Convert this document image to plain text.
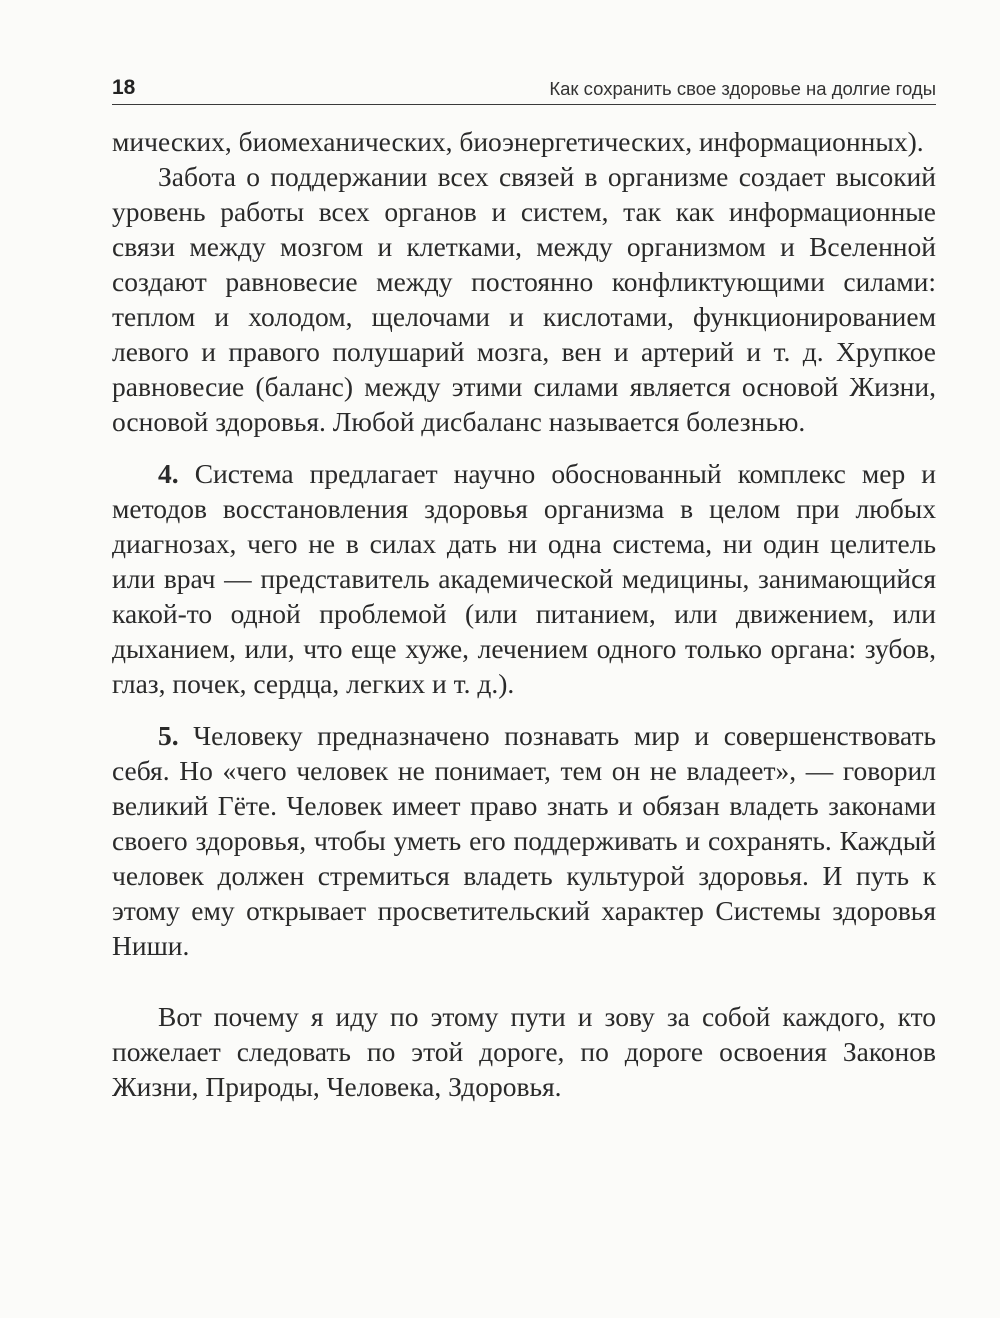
18	Как сохранить свое здоровье на долгие годы

мических, биомеханических, биоэнергетических, информационных).

Забота о поддержании всех связей в организме создает высокий уровень работы всех органов и систем, так как информационные связи между мозгом и клетками, между организмом и Вселенной создают равновесие между постоянно конфликтующими силами: теплом и холодом, щелочами и кислотами, функционированием левого и правого полушарий мозга, вен и артерий и т. д. Хрупкое равновесие (баланс) между этими силами является основой Жизни, основой здоровья. Любой дисбаланс называется болезнью.

4. Система предлагает научно обоснованный комплекс мер и методов восстановления здоровья организма в целом при любых диагнозах, чего не в силах дать ни одна система, ни один целитель или врач — представитель академической медицины, занимающийся какой-то одной проблемой (или питанием, или движением, или дыханием, или, что еще хуже, лечением одного только органа: зубов, глаз, почек, сердца, легких и т. д.).

5. Человеку предназначено познавать мир и совершенствовать себя. Но «чего человек не понимает, тем он не владеет», — говорил великий Гёте. Человек имеет право знать и обязан владеть законами своего здоровья, чтобы уметь его поддерживать и сохранять. Каждый человек должен стремиться владеть культурой здоровья. И путь к этому ему открывает просветительский характер Системы здоровья Ниши.

Вот почему я иду по этому пути и зову за собой каждого, кто пожелает следовать по этой дороге, по дороге освоения Законов Жизни, Природы, Человека, Здоровья.
